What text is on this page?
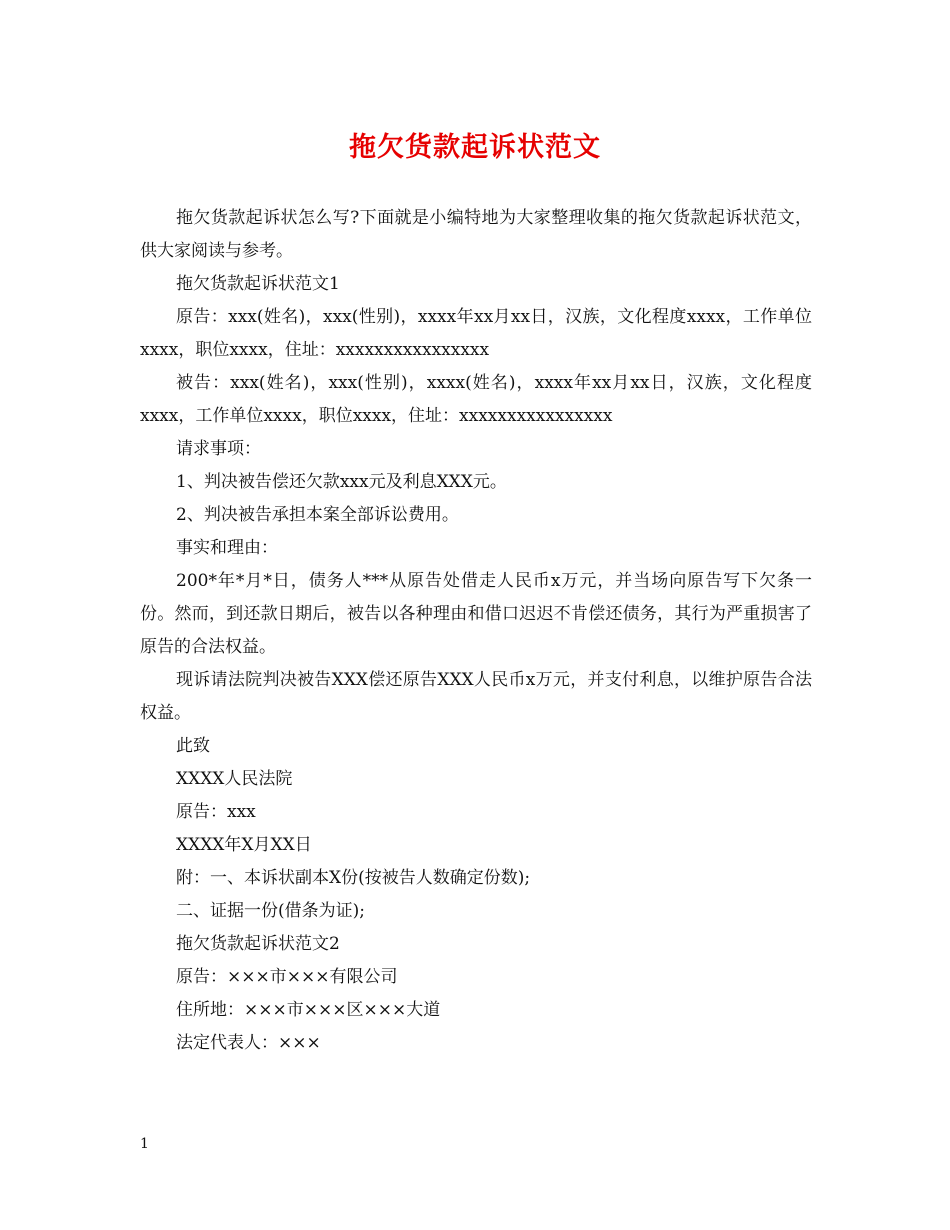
拖欠货款起诉状范文

拖欠货款起诉状怎么写?下面就是小编特地为大家整理收集的拖欠货款起诉状范文，供大家阅读与参考。

拖欠货款起诉状范文1

原告：xxx(姓名)，xxx(性别)，xxxx年xx月xx日，汉族，文化程度xxxx，工作单位xxxx，职位xxxx，住址：xxxxxxxxxxxxxxxx

被告：xxx(姓名)，xxx(性别)，xxxx(姓名)，xxxx年xx月xx日，汉族，文化程度xxxx，工作单位xxxx，职位xxxx，住址：xxxxxxxxxxxxxxxx

请求事项：

1、判决被告偿还欠款xxx元及利息XXX元。

2、判决被告承担本案全部诉讼费用。

事实和理由：

200*年*月*日，债务人***从原告处借走人民币x万元，并当场向原告写下欠条一份。然而，到还款日期后，被告以各种理由和借口迟迟不肯偿还债务，其行为严重损害了原告的合法权益。

现诉请法院判决被告XXX偿还原告XXX人民币x万元，并支付利息，以维护原告合法权益。

此致

XXXX人民法院

原告：xxx

XXXX年X月XX日

附：一、本诉状副本X份(按被告人数确定份数);

二、证据一份(借条为证);

拖欠货款起诉状范文2

原告：×××市×××有限公司

住所地：×××市×××区×××大道

法定代表人：×××

1
